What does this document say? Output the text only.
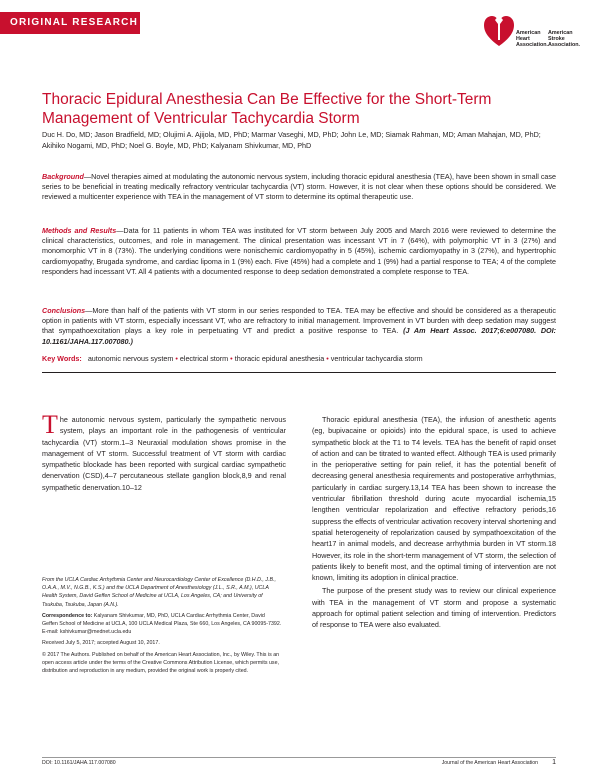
ORIGINAL RESEARCH
American
Heart
Association.
American
Stroke
Association.
Thoracic Epidural Anesthesia Can Be Effective for the Short-Term Management of Ventricular Tachycardia Storm
Duc H. Do, MD; Jason Bradfield, MD; Olujimi A. Ajijola, MD, PhD; Marmar Vaseghi, MD, PhD; John Le, MD; Siamak Rahman, MD; Aman Mahajan, MD, PhD; Akihiko Nogami, MD, PhD; Noel G. Boyle, MD, PhD; Kalyanam Shivkumar, MD, PhD
Background—Novel therapies aimed at modulating the autonomic nervous system, including thoracic epidural anesthesia (TEA), have been shown in small case series to be beneficial in treating medically refractory ventricular tachycardia (VT) storm. However, it is not clear when these options should be considered. We reviewed a multicenter experience with TEA in the management of VT storm to determine its optimal therapeutic use.
Methods and Results—Data for 11 patients in whom TEA was instituted for VT storm between July 2005 and March 2016 were reviewed to determine the clinical characteristics, outcomes, and role in management. The clinical presentation was incessant VT in 7 (64%), with polymorphic VT in 3 (27%) and monomorphic VT in 8 (73%). The underlying conditions were nonischemic cardiomyopathy in 5 (45%), ischemic cardiomyopathy in 3 (27%), and hypertrophic cardiomyopathy, Brugada syndrome, and cardiac lipoma in 1 (9%) each. Five (45%) had a complete and 1 (9%) had a partial response to TEA; 4 of the complete responders had incessant VT. All 4 patients with a documented response to deep sedation demonstrated a complete response to TEA.
Conclusions—More than half of the patients with VT storm in our series responded to TEA. TEA may be effective and should be considered as a therapeutic option in patients with VT storm, especially incessant VT, who are refractory to initial management. Improvement in VT burden with deep sedation may suggest that sympathoexcitation plays a key role in perpetuating VT and predict a positive response to TEA. (J Am Heart Assoc. 2017;6:e007080. DOI: 10.1161/JAHA.117.007080.)
Key Words: autonomic nervous system • electrical storm • thoracic epidural anesthesia • ventricular tachycardia storm

The autonomic nervous system, particularly the sympathetic nervous system, plays an important role in the pathogenesis of ventricular tachycardia (VT) storm.1–3 Neuraxial modulation shows promise in the management of VT storm. Successful treatment of VT storm with cardiac sympathetic blockade has been reported with surgical cardiac sympathetic denervation (CSD),4–7 percutaneous stellate ganglion block,8,9 and renal sympathetic denervation.10–12

Thoracic epidural anesthesia (TEA), the infusion of anesthetic agents (eg, bupivacaine or opioids) into the epidural space, is used to achieve sympathetic block at the T1 to T4 levels. TEA has the benefit of rapid onset of action and can be titrated to wanted effect. Although TEA is used primarily in the perioperative setting for pain relief, it has the potential benefit of decreasing general anesthesia requirements and postoperative arrhythmias, particularly in cardiac surgery.13,14 TEA has been shown to increase the ventricular fibrillation threshold during acute myocardial ischemia,15 lengthen ventricular repolarization and effective refractory periods,16 suppress the effects of ventricular activation recovery interval shortening and spatial heterogeneity of repolarization caused by sympathoexcitation of the heart17 in animal models, and decrease arrhythmia burden in VT storm.18 However, its role in the short-term management of VT storm, the selection of patients likely to benefit most, and the optimal timing of intervention are not known, limiting its adoption in clinical practice.

The purpose of the present study was to review our clinical experience with TEA in the management of VT storm and propose a systematic approach for optimal patient selection and timing of intervention. Predictors of response to TEA were also evaluated.

From the UCLA Cardiac Arrhythmia Center and Neurocardiology Center of Excellence (D.H.D., J.B., O.A.A., M.V., N.G.B., K.S.) and the UCLA Department of Anesthesiology (J.L., S.R., A.M.), UCLA Health System, David Geffen School of Medicine at UCLA, Los Angeles, CA; and University of Tsukuba, Tsukuba, Japan (A.N.).

Correspondence to: Kalyanam Shivkumar, MD, PhD, UCLA Cardiac Arrhythmia Center, David Geffen School of Medicine at UCLA, 100 UCLA Medical Plaza, Ste 660, Los Angeles, CA 90095-7392. E-mail: kshivkumar@mednet.ucla.edu

Received July 5, 2017; accepted August 10, 2017.

© 2017 The Authors. Published on behalf of the American Heart Association, Inc., by Wiley. This is an open access article under the terms of the Creative Commons Attribution License, which permits use, distribution and reproduction in any medium, provided the original work is properly cited.

DOI: 10.1161/JAHA.117.007080	Journal of the American Heart Association 1
